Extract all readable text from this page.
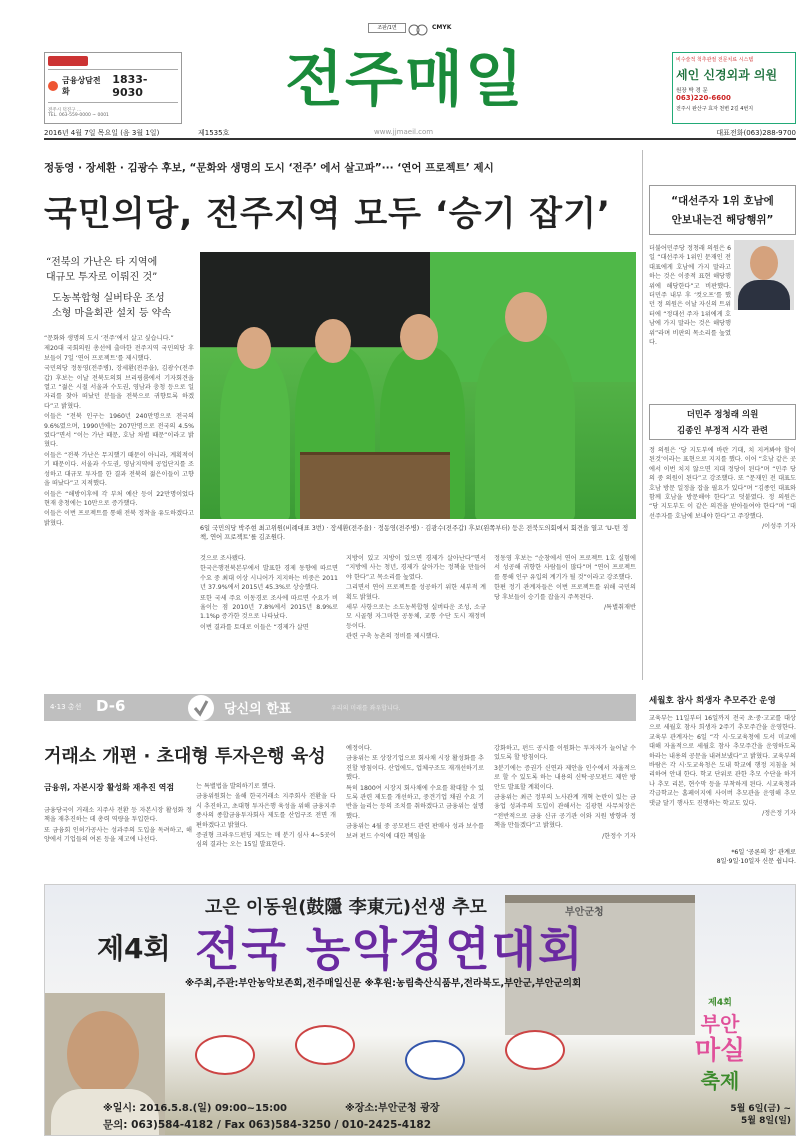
조판/1면	CMYK
금융상담전화
1833-9030
전주시 덕진구 ...
TEL. 063-559-0000 ~ 0001
전주매일	비수술적 척추관절 전문치료 시스템
세인 신경외과 의원
원장 박 경 문
063)220-6600
전주시 완산구 효자 천변 2길 4번지
2016년 4월 7일 목요일 (음 3월 1일)	제1535호	www.jjmaeil.com	대표전화(063)288-9700
정동영 · 장세환 · 김광수 후보, “문화와 생명의 도시 ‘전주’ 에서 살고파”··· ‘연어 프로젝트’ 제시
국민의당, 전주지역 모두 ‘승기 잡기’
“전북의 가난은 타 지역에
대규모 투자로 이뤄진 것”
도농복합형 실버타운 조성
소형 마을회관 설치 등 약속

“문화와 생명의 도시 ‘전주’에서 살고 싶습니다.”

제20대 국회의원 총선에 출마한 전주지역 국민의당 후보들이 7일 ‘연어 프로젝트’를 제시했다.

국민의당 정동영(전주병), 장세환(전주을), 김광수(전주갑) 후보는 이날 전북도의회 브리핑룸에서 기자회견을 열고 “젊은 시절 서울과 수도권, 영남과 충청 등으로 일자리를 찾아 떠났던 분들을 전북으로 귀향토록 하겠다”고 밝혔다.

이들은 “전북 인구는 1960년 240만명으로 전국의 9.6%였으며, 1990년에는 207만명으로 전국의 4.5%였다”면서 “이는 가난 때문, 호남 차별 때문”이라고 밝혔다.

이들은 “전북 가난은 무지했기 때문이 아니라, 계획적이기 때문이다. 서울과 수도권, 영남지역에 공업단지를 조성하고 대규모 투자를 한 결과 전북의 젊은이들이 고향을 떠났다”고 지적했다.

이들은 “해방이후에 각 부처 예산 등이 22만명이었다 현재 충청에는 10만으로 증가했다.

이들은 이번 프로젝트를 통해 전북 정착을 유도하겠다고 밝혔다.

6일 국민의당 박주현 최고위원(비례대표 3번) · 장세환(전주을) · 정동영(전주병) · 김광수(전주갑) 후보(왼쪽부터) 등은 전북도의회에서 회견을 열고 ‘U-턴 정책, 연어 프로젝트’를 김조원다.

것으로 조사됐다.

한국은행전북본부에서 발표한 경제 동향에 따르면 수요 중 최대 이상 시니어가 지지하는 비중은 2011년 37.9%에서 2015년 45.3%로 상승했다.

또한 국세 주요 이동경로 조사에 따르면 수요가 비율이는 점 2010년 7.8%에서 2015년 8.9%로 1.1%p 증가한 것으로 나타났다.

이번 결과를 토대로 이들은 “경제가 살면

지방이 있고 지방이 있으면 경제가 살아난다”면서 “지방에 사는 청년, 경제가 살아가는 정책을 만들어야 한다”고 목소리를 높였다.

그리면서 연어 프로젝트를 성공하기 위한 세부적 계획도 밝혔다.

세부 사항으로는 소도농복합형 실버타운 조성, 소규모 시골형 자그마한 공동체, 교통 수단 도시 재정비 등이다.

관련 구축 농촌의 정비를 제시했다.

정동영 후보는 “순창에서 연어 프로젝트 1호 실험에서 성공해 귀향한 사람들이 많다”며 “연어 프로젝트를 통해 인구 유입의 계기가 될 것”이라고 강조했다.

한편 정기 관계자들은 이번 프로젝트를 위해 국민의당 후보들이 승기를 잡을지 주목된다.

/특별취재반

“대선주자 1위 호남에
안보내는건 해당행위”

더불어민주당 정청래 의원은 6일 “대선주자 1위인 문재인 전 대표에게 호남에 가지 말라고 하는 것은 이중적 표현 해당행위에 해당한다”고 비판했다. 더민주 내부 후 ‘컷오프’를 했던 정 의원은 이날 자신의 트위터에 “정대선 주자 1위에게 호남에 가지 말라는 것은 해당행위”라며 비판의 목소리를 높였다.

더민주 정청래 의원
김종인 부정적 시각 관련

정 의원은 ‘당 지도부에 바란 기대, 치 지켜봐야 할이 된것’이라는 표현으로 지지를 했다. 이어 “호남 같은 곳에서 이번 치지 않으면 지대 정당이 된다”며 “민주 당의 중 의원이 된다”고 강조했다. 또 “문재인 전 대표도 호남 방문 일정을 잡을 필요가 있다”며 “김종인 대표와 함께 호남을 방문해야 한다”고 덧붙였다. 정 의원은 “당 지도부도 이 같은 의견을 받아들여야 한다”며 “대선주자를 호남에 보내야 한다”고 주장했다.

/이성주 기자

4·13 총선 D-6	당신의 한표	우리의 미래를 좌우합니다.
거래소 개편 · 초대형 투자은행 육성
금융위, 자본시장 활성화 재추진 역점

금융당국이 거래소 지주사 전환 등 자본시장 활성화 정책을 재추진하는 데 총력 역량을 투입한다.

또 금융회 인허가공사는 성과주의 도입을 독려하고, 해양에서 기업들의 여론 등을 제고에 나선다.

는 특별법을 발의하기로 했다.

금융위원회는 올해 한국거래소 지주회사 전환을 다시 추진하고, 초대형 투자은행 육성을 위해 금융지주 종사의 종합금융투자회사 제도를 산업구조 전면 개편하겠다고 밝혔다.

증권형 크라우드펀딩 제도는 매 분기 심사 4~5곳이 심의 결과는 오는 15일 발표한다.

예정이다.

금융위는 또 상장기업으로 회사채 시장 활성화를 추진할 방침이다. 산업에도, 업체구조도 재개선하기로 했다.

특히 1800여 시장지 회사채에 수요를 확대할 수 있도록 관련 제도를 개선하고, 중견기업 채권 수요 기반을 늘리는 등의 조치를 취하겠다고 금융위는 설명했다.

금융위는 4월 중 공모펀드 관련 판매사 성과 보수를 보려 펀드 수익에 대한 책임을

강화하고, 펀드 공시를 이원화는 투자자가 늘어날 수 있도록 할 방침이다.

3분기에는 증권가 신연과 제안을 인수에서 자율적으로 할 수 있도록 하는 내용의 신탁·공모펀드 제안 방안도 발표할 계획이다.

금융위는 최근 정부의 노사관계 개혁 논란이 있는 금융업 성과주의 도입이 관해서는 김광현 사무처장은 “전반적으로 금융 신규 공기관 이와 지원 방향과 정책을 만들겠다”고 밝혔다.

/한정수 기자

세월호 참사 희생자 추모주간 운영

교육부는 11일부터 16일까지 전국 초·중·고교를 대상으로 세월호 참사 희생자 2주기 추모주간을 운영한다. 교육부 관계자는 6일 “각 시·도교육청에 도서 미교에 대해 자율적으로 세월호 참사 추모주간을 운영하도록 하라는 내용의 공문을 내려보냈다”고 밝혔다. 교육부의 바람은 각 시·도교육청은 도내 학교에 행정 지침을 처리하여 안내 한다. 학교 단위로 관한 추모 수단을 하거나 추모 리본, 현수막 등을 부착하게 된다. 시교육청과 각급학교는 홈페이지에 사이버 추모관을 운영해 추모 댓글 달기 행사도 진행하는 학교도 있다.

/정은정 기자

*6일 ‘공론의 장’ 관계로
8일·9일·10일자 신문 쉽니다.
부안군청
고은 이동원(鼓隱 李東元)선생 추모
제4회 전국 농악경연대회
※주최,주관:부안농악보존회,전주매일신문 ※후원:농림축산식품부,전라북도,부안군,부안군의회
※일시: 2016.5.8.(일) 09:00~15:00	※장소:부안군청 광장
문의: 063)584-4182 / Fax 063)584-3250 / 010-2425-4182
제4회
부안
마실
축제
5월 6일(금) ~
5월 8일(일)
